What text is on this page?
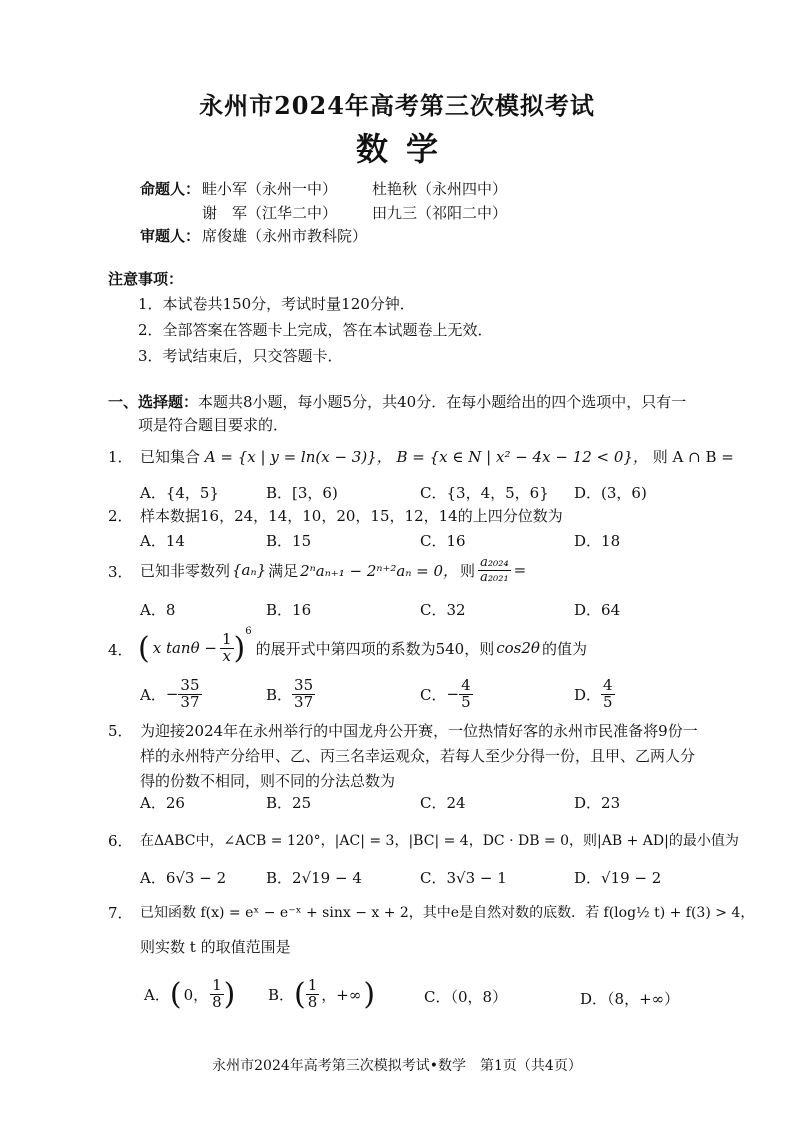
永州市2024年高考第三次模拟考试
数学
命题人： 畦小军（永州一中） 杜艳秋（永州四中）
谢　军（江华二中） 田九三（祁阳二中）
审题人： 席俊雄（永州市教科院）
注意事项：
1．本试卷共150分，考试时量120分钟．
2．全部答案在答题卡上完成，答在本试题卷上无效．
3．考试结束后，只交答题卡．
一、选择题：本题共8小题，每小题5分，共40分．在每小题给出的四个选项中，只有一
项是符合题目要求的．
1． 已知集合 A = {x | y = ln(x − 3)}， B = {x ∈ N | x² − 4x − 12 < 0}， 则 A ∩ B =
A．{4，5}	B．[3，6)	C．{3，4，5，6} D．(3，6)
2． 样本数据16，24，14，10，20，15，12，14的上四分位数为
A．14	B．15	C．16	D．18
3． 已知非零数列 {aₙ} 满足 2ⁿaₙ₊₁ − 2ⁿ⁺²aₙ = 0， 则 $\frac{\text{a₂₀₂₄}}{\text{a₂₀₂₁}}$ =
A．8	B．16	C．32	D．64
4． ( x $\tan\theta - \frac{1}{x} )^6$
的展开式中第四项的系数为540，则 cos2θ 的值为
A． − $\frac{35}{37}$	B． $\frac{35}{37}$	C． − $\frac{4}{5}$	D． $\frac{4}{5}$
5． 为迎接2024年在永州举行的中国龙舟公开赛，一位热情好客的永州市民准备将9份一
样的永州特产分给甲、乙、丙三名幸运观众，若每人至少分得一份，且甲、乙两人分
得的份数不相同，则不同的分法总数为
A．26	B．25	C．24	D．23
6． 在ΔABC中，∠ACB = 120°，|AC| = 3，|BC| = 4，DC · DB = 0，则|AB + AD|的最小值为
A．6√3 − 2	B．2√19 − 4	C．3√3 − 1	D．√19 − 2
7． 已知函数 f(x) = eˣ − e⁻ˣ + sinx − x + 2，其中e是自然对数的底数．若 f(log½ t) + f(3) > 4，
则实数 t 的取值范围是
A． ( 0， $\frac{1}{8}$ ) B． ( $\frac{1}{8}$ ，+∞ )	C．（0，8）	D．（8，+∞）
永州市2024年高考第三次模拟考试•数学　第1页（共4页）
